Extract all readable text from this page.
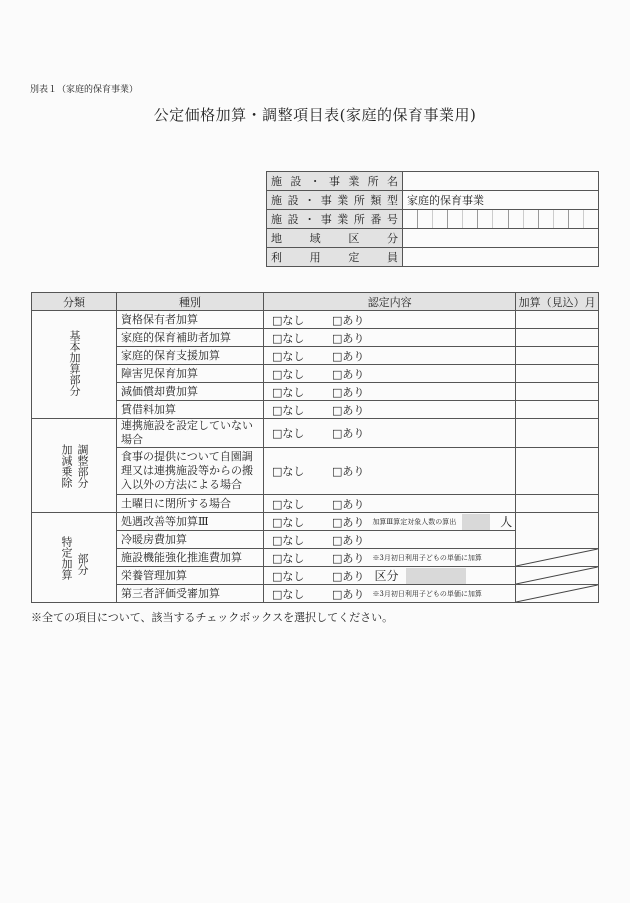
別表１（家庭的保育事業）
公定価格加算・調整項目表(家庭的保育事業用)
施 設 ・ 事 業 所 名

施 設 ・ 事 業 所 類 型	家庭的保育事業

施 設 ・ 事 業 所 番 号

地 域 区 分	

利 用 定 員	

分類	種別	認定内容	加算（見込）月
基本加算部分	資格保有者加算	□なし □あり	

	家庭的保育補助者加算	□なし □あり	

	家庭的保育支援加算	□なし □あり	

	障害児保育加算	□なし □あり	

	減価償却費加算	□なし □あり	

	賃借料加算	□なし □あり	

加減乗除 調整部分	連携施設を設定していない場合	□なし □あり	

	食事の提供について自園調理又は連携施設等からの搬入以外の方法による場合	□なし □あり	

	土曜日に閉所する場合	□なし □あり	

特定加算 部分	処遇改善等加算Ⅲ	□なし □あり 加算Ⅲ算定対象人数の算出 人	

	冷暖房費加算	□なし □あり	

	施設機能強化推進費加算	□なし □あり ※3月初日利用子どもの単価に加算

	栄養管理加算	□なし □あり 区分

	第三者評価受審加算	□なし □あり ※3月初日利用子どもの単価に加算

※全ての項目について、該当するチェックボックスを選択してください。
